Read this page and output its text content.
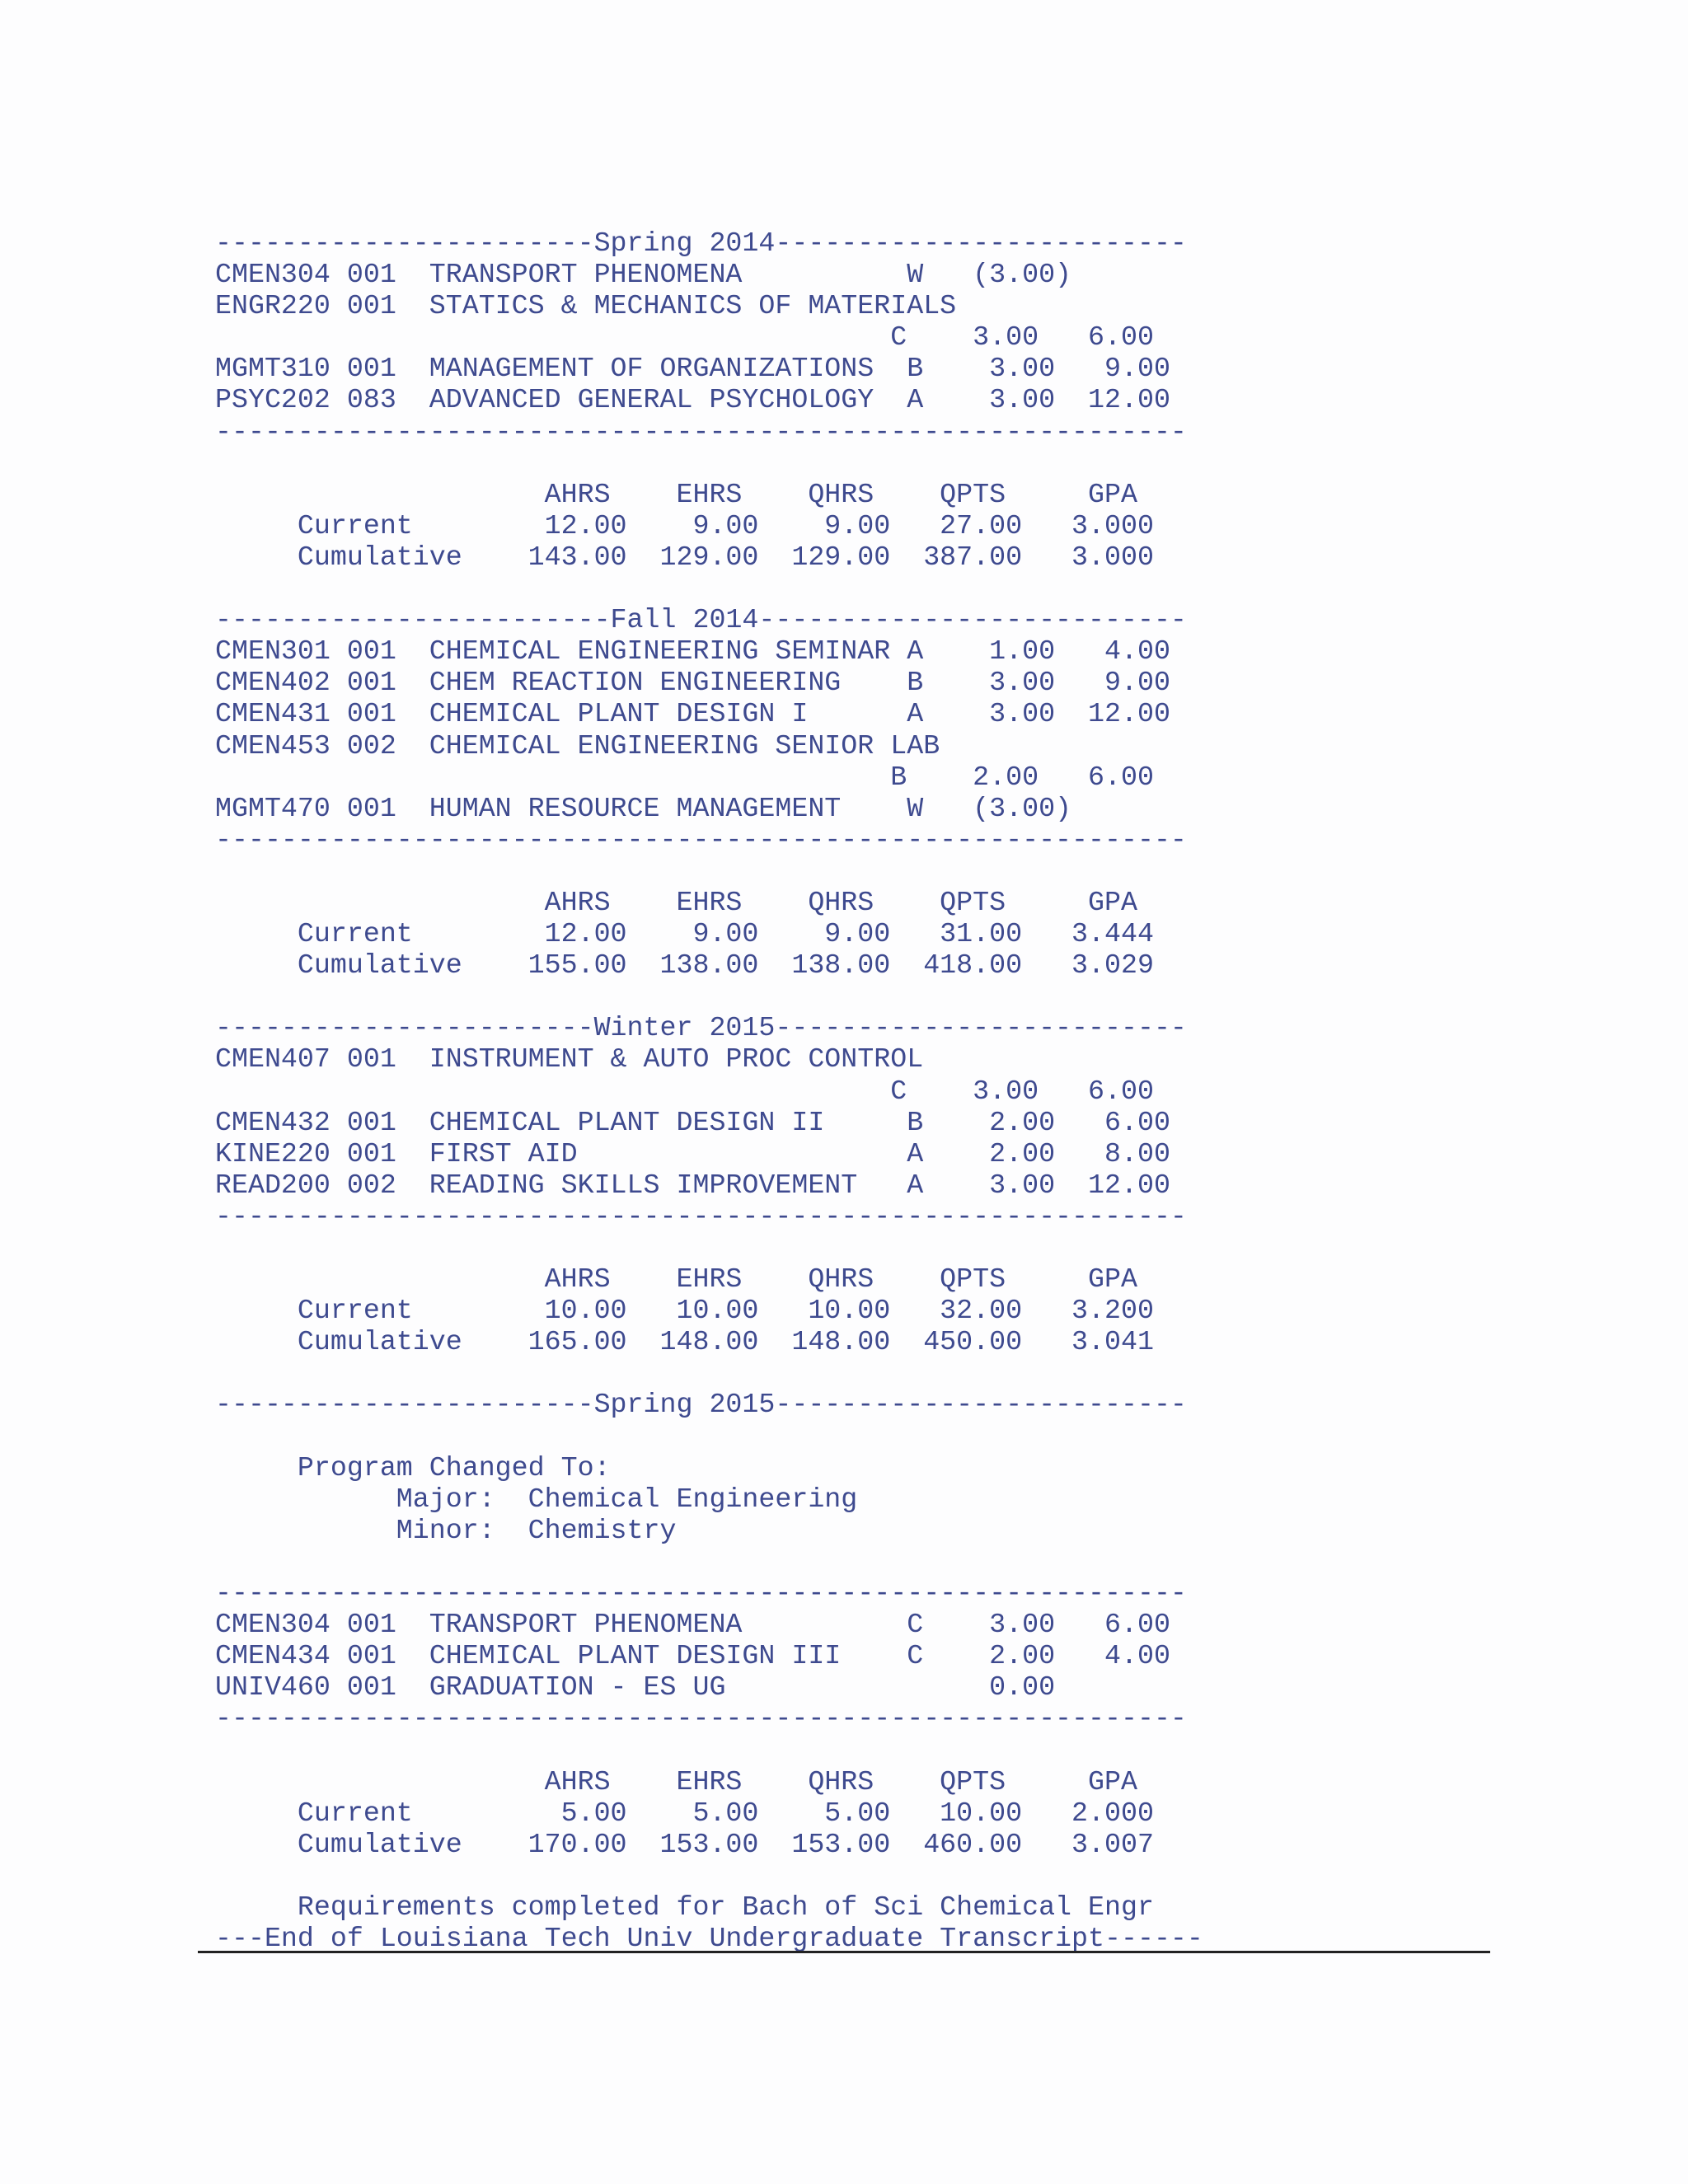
-----------------------Spring 2014-------------------------
CMEN304 001  TRANSPORT PHENOMENA          W   (3.00)
ENGR220 001  STATICS & MECHANICS OF MATERIALS
C    3.00   6.00
MGMT310 001  MANAGEMENT OF ORGANIZATIONS  B    3.00   9.00
PSYC202 083  ADVANCED GENERAL PSYCHOLOGY  A    3.00  12.00
-----------------------------------------------------------
AHRS    EHRS    QHRS    QPTS     GPA
Current        12.00    9.00    9.00   27.00   3.000
Cumulative    143.00  129.00  129.00  387.00   3.000
------------------------Fall 2014--------------------------
CMEN301 001  CHEMICAL ENGINEERING SEMINAR A    1.00   4.00
CMEN402 001  CHEM REACTION ENGINEERING    B    3.00   9.00
CMEN431 001  CHEMICAL PLANT DESIGN I      A    3.00  12.00
CMEN453 002  CHEMICAL ENGINEERING SENIOR LAB
B    2.00   6.00
MGMT470 001  HUMAN RESOURCE MANAGEMENT    W   (3.00)
-----------------------------------------------------------
AHRS    EHRS    QHRS    QPTS     GPA
Current        12.00    9.00    9.00   31.00   3.444
Cumulative    155.00  138.00  138.00  418.00   3.029
-----------------------Winter 2015-------------------------
CMEN407 001  INSTRUMENT & AUTO PROC CONTROL
C    3.00   6.00
CMEN432 001  CHEMICAL PLANT DESIGN II     B    2.00   6.00
KINE220 001  FIRST AID                    A    2.00   8.00
READ200 002  READING SKILLS IMPROVEMENT   A    3.00  12.00
-----------------------------------------------------------
AHRS    EHRS    QHRS    QPTS     GPA
Current        10.00   10.00   10.00   32.00   3.200
Cumulative    165.00  148.00  148.00  450.00   3.041
-----------------------Spring 2015-------------------------
Program Changed To:
Major:  Chemical Engineering
Minor:  Chemistry
-----------------------------------------------------------
CMEN304 001  TRANSPORT PHENOMENA          C    3.00   6.00
CMEN434 001  CHEMICAL PLANT DESIGN III    C    2.00   4.00
UNIV460 001  GRADUATION - ES UG                0.00
-----------------------------------------------------------
AHRS    EHRS    QHRS    QPTS     GPA
Current         5.00    5.00    5.00   10.00   2.000
Cumulative    170.00  153.00  153.00  460.00   3.007
Requirements completed for Bach of Sci Chemical Engr
---End of Louisiana Tech Univ Undergraduate Transcript------
